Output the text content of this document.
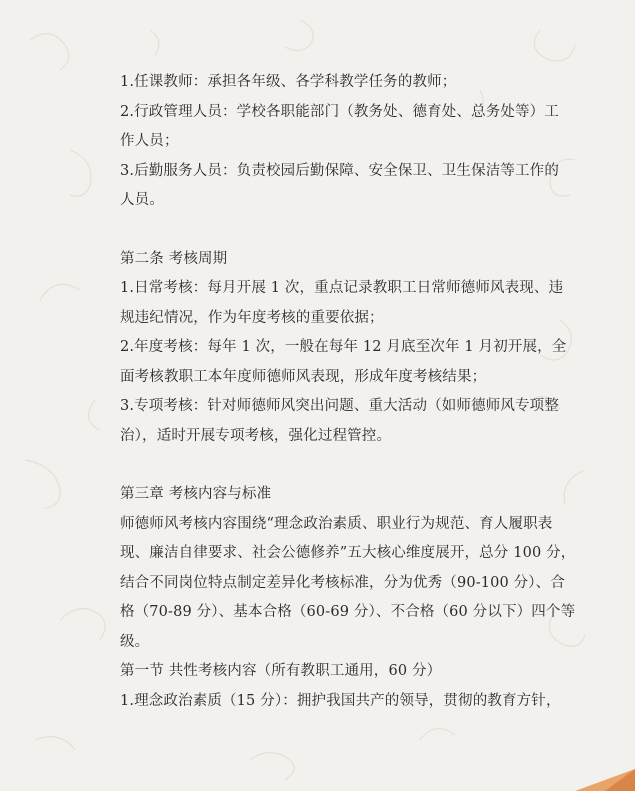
1.任课教师：承担各年级、各学科教学任务的教师；
2.行政管理人员：学校各职能部门（教务处、德育处、总务处等）工
作人员；
3.后勤服务人员：负责校园后勤保障、安全保卫、卫生保洁等工作的
人员。
第二条 考核周期
1.日常考核：每月开展 1 次，重点记录教职工日常师德师风表现、违
规违纪情况，作为年度考核的重要依据；
2.年度考核：每年 1 次，一般在每年 12 月底至次年 1 月初开展，全
面考核教职工本年度师德师风表现，形成年度考核结果；
3.专项考核：针对师德师风突出问题、重大活动（如师德师风专项整
治），适时开展专项考核，强化过程管控。
第三章 考核内容与标准
师德师风考核内容围绕“理念政治素质、职业行为规范、育人履职表
现、廉洁自律要求、社会公德修养”五大核心维度展开，总分 100 分，
结合不同岗位特点制定差异化考核标准，分为优秀（90-100 分）、合
格（70-89 分）、基本合格（60-69 分）、不合格（60 分以下）四个等
级。
第一节 共性考核内容（所有教职工通用，60 分）
1.理念政治素质（15 分）：拥护我国共产的领导，贯彻的教育方针，
